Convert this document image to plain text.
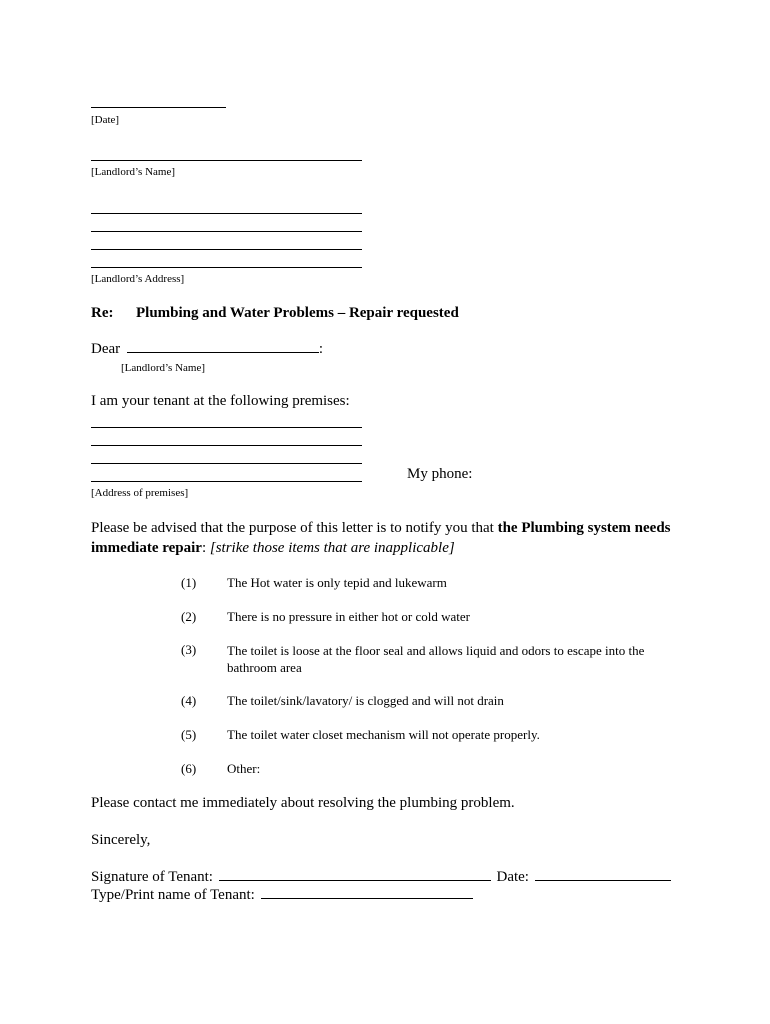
[Date]
[Landlord’s Name]
[Landlord’s Address]
Re: Plumbing and Water Problems – Repair requested
Dear	:
[Landlord’s Name]
I am your tenant at the following premises:
My phone:
[Address of premises]
Please be advised that the purpose of this letter is to notify you that the Plumbing system needs immediate repair: [strike those items that are inapplicable]
(1) The Hot water is only tepid and lukewarm
(2) There is no pressure in either hot or cold water
(3) The toilet is loose at the floor seal and allows liquid and odors to escape into the bathroom area
(4) The toilet/sink/lavatory/ is clogged and will not drain
(5) The toilet water closet mechanism will not operate properly.
(6) Other:
Please contact me immediately about resolving the plumbing problem.
Sincerely,
Signature of Tenant:	Date:
Type/Print name of Tenant:
